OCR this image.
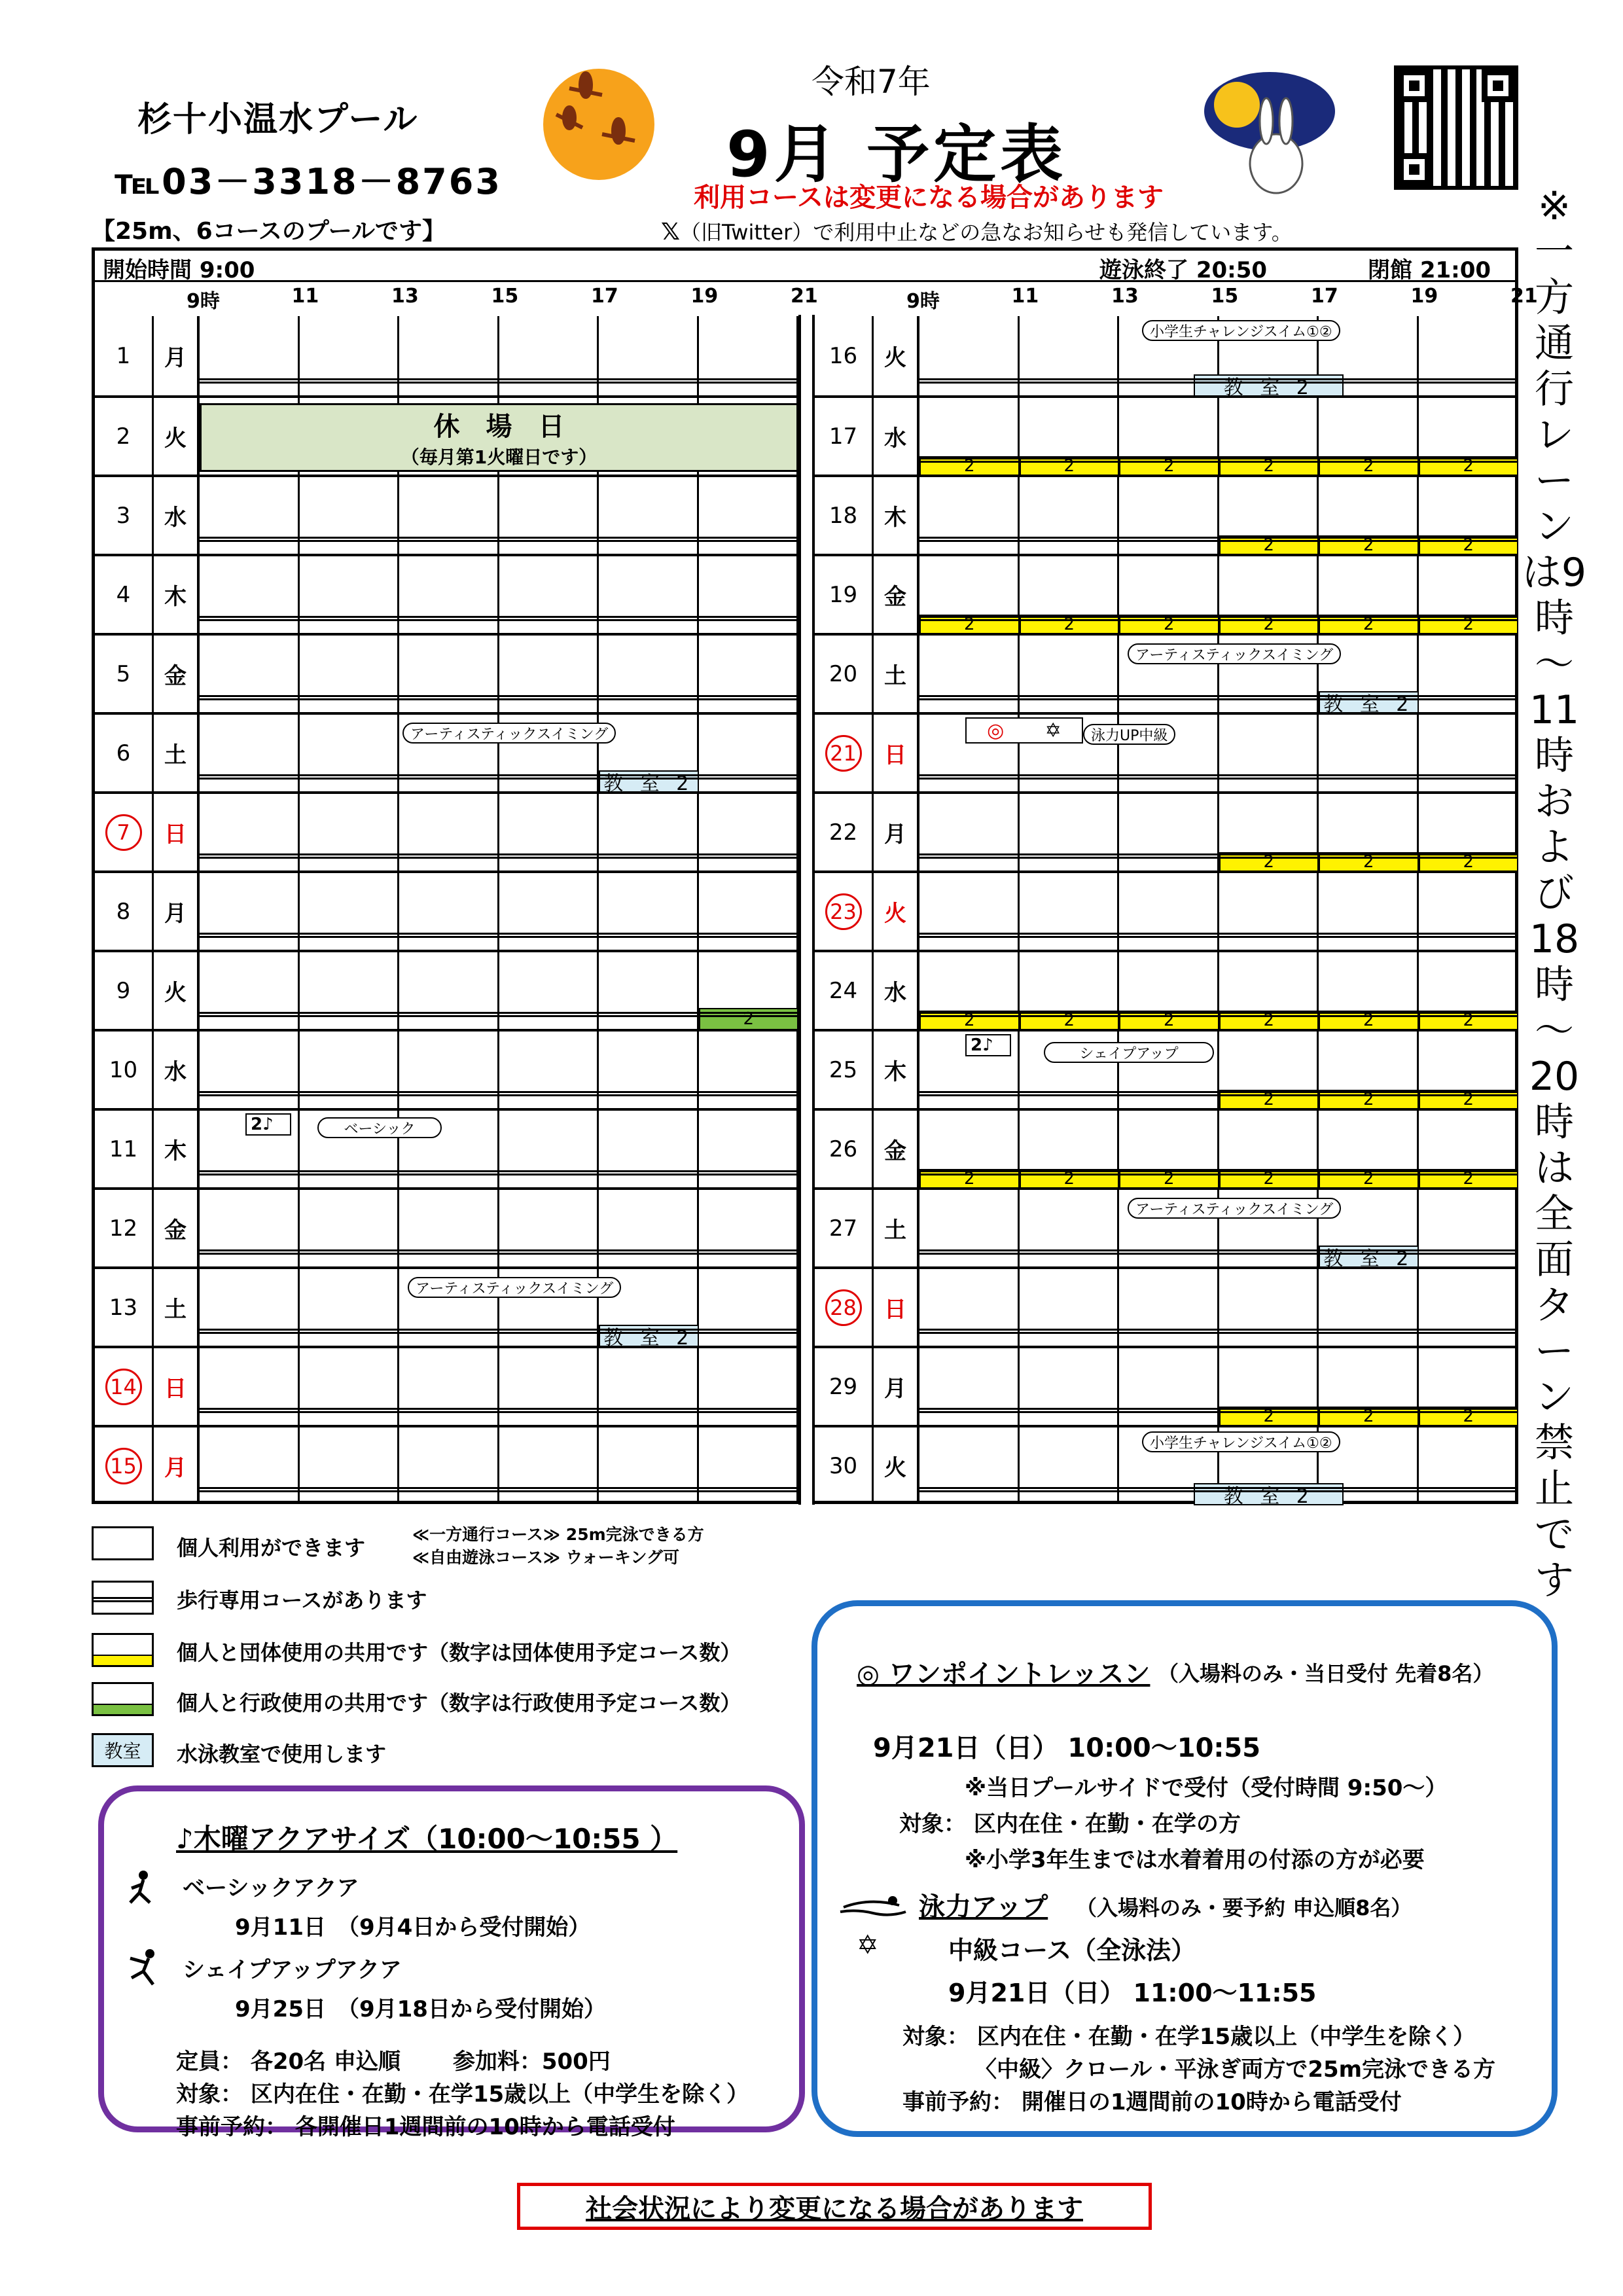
杉十小温水プール
℡03－3318－8763
【25m、6コースのプールです】
令和7年
9月 予定表
利用コースは変更になる場合があります
𝕏（旧Twitter）で利用中止などの急なお知らせも発信しています。
※一方通行レーンは9時～11時および18時～20時は全面ターン禁止です
開始時間 9:00	遊泳終了 20:50	閉館 21:00
9時	11	13	15	17	19	21	9時	11	13	15	17	19	21
1	月
2	火	休　場　日
（毎月第1火曜日です）
3	水
4	木
5	金
6	土
アーティスティックスイミング
教 室 2
7	日
8	月
9	火
2
10	水
11	木
2♪	ベーシック
12	金
13	土
アーティスティックスイミング
教 室 2
14	日
15	月
16	火
小学生チャレンジスイム①②
教 室 2
17	水
2	2	2	2	2	2
18	木
2	2	2
19	金
2	2	2	2	2	2
20	土
アーティスティックスイミング
教 室 2
21	日
◎ ✡	泳力UP中級
22	月
2	2	2
23	火
24	水
2	2	2	2	2	2
25	木
2	2	2
2♪	シェイプアップ
26	金
2	2	2	2	2	2
27	土
アーティスティックスイミング
教 室 2
28	日
29	月
2	2	2
30	火
小学生チャレンジスイム①②
教 室 2
個人利用ができます
≪一方通行コース≫ 25m完泳できる方
≪自由遊泳コース≫ ウォーキング可
歩行専用コースがあります
個人と団体使用の共用です（数字は団体使用予定コース数）
個人と行政使用の共用です（数字は行政使用予定コース数）
教室	水泳教室で使用します
♪木曜アクアサイズ（10:00～10:55 ）
ベーシックアクア
9月11日　（9月4日から受付開始）
シェイプアップアクア
9月25日　（9月18日から受付開始）
定員： 各20名 申込順　　 参加料：500円
対象： 区内在住・在勤・在学15歳以上（中学生を除く）
事前予約： 各開催日1週間前の10時から電話受付
◎ ワンポイントレッスン （入場料のみ・当日受付 先着8名）
9月21日（日） 10:00～10:55
※当日プールサイドで受付（受付時間 9:50～）
対象： 区内在住・在勤・在学の方
※小学3年生までは水着着用の付添の方が必要
泳力アップ （入場料のみ・要予約 申込順8名）
✡	中級コース（全泳法）
9月21日（日） 11:00～11:55
対象： 区内在住・在勤・在学15歳以上（中学生を除く）
〈中級〉クロール・平泳ぎ両方で25m完泳できる方
事前予約： 開催日の1週間前の10時から電話受付
社会状況により変更になる場合があります
